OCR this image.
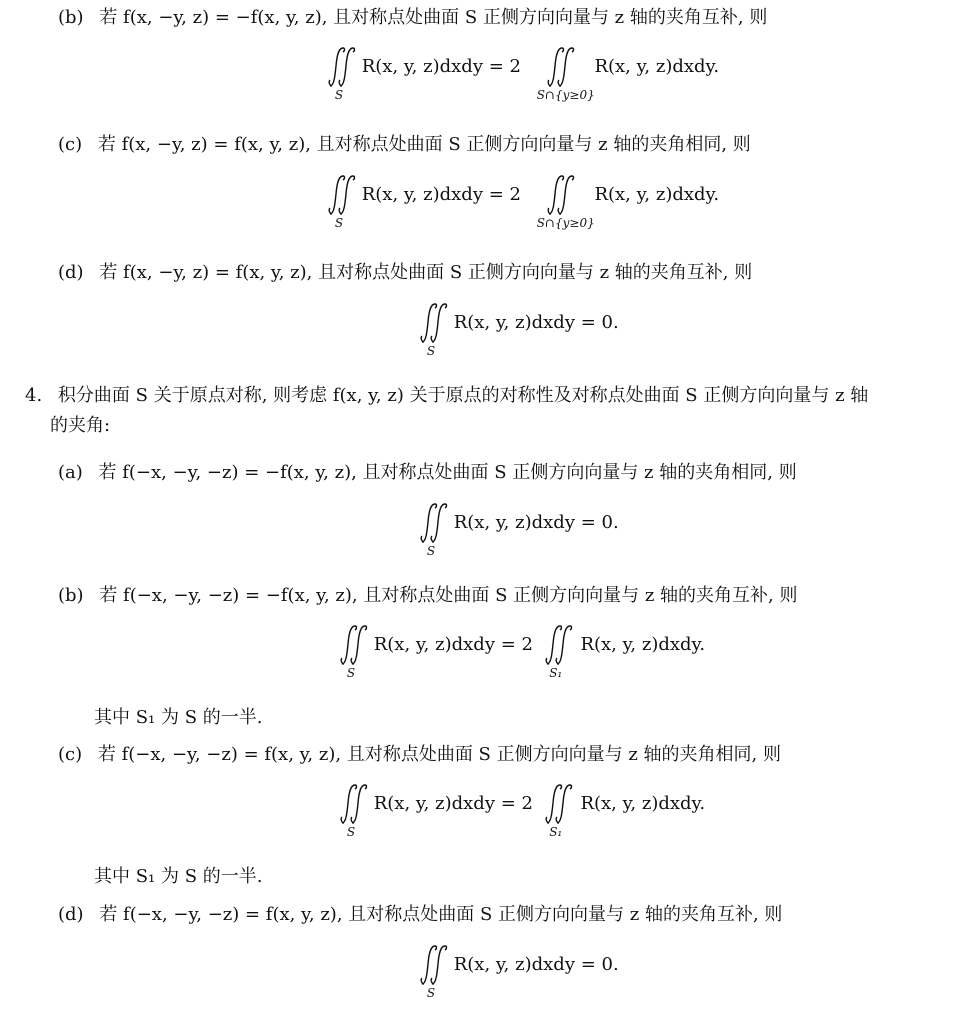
(b) 若 f(x, −y, z) = −f(x, y, z), 且对称点处曲面 S 正侧方向向量与 z 轴的夹角互补, 则
S
R(x, y, z)dxdy = 2
S∩{y≥0}
R(x, y, z)dxdy.
(c) 若 f(x, −y, z) = f(x, y, z), 且对称点处曲面 S 正侧方向向量与 z 轴的夹角相同, 则
S
R(x, y, z)dxdy = 2
S∩{y≥0}
R(x, y, z)dxdy.
(d) 若 f(x, −y, z) = f(x, y, z), 且对称点处曲面 S 正侧方向向量与 z 轴的夹角互补, 则
S
R(x, y, z)dxdy = 0.
4. 积分曲面 S 关于原点对称, 则考虑 f(x, y, z) 关于原点的对称性及对称点处曲面 S 正侧方向向量与 z 轴
的夹角:
(a) 若 f(−x, −y, −z) = −f(x, y, z), 且对称点处曲面 S 正侧方向向量与 z 轴的夹角相同, 则
S
R(x, y, z)dxdy = 0.
(b) 若 f(−x, −y, −z) = −f(x, y, z), 且对称点处曲面 S 正侧方向向量与 z 轴的夹角互补, 则
S
R(x, y, z)dxdy = 2
S₁
R(x, y, z)dxdy.
其中 S₁ 为 S 的一半.
(c) 若 f(−x, −y, −z) = f(x, y, z), 且对称点处曲面 S 正侧方向向量与 z 轴的夹角相同, 则
S
R(x, y, z)dxdy = 2
S₁
R(x, y, z)dxdy.
其中 S₁ 为 S 的一半.
(d) 若 f(−x, −y, −z) = f(x, y, z), 且对称点处曲面 S 正侧方向向量与 z 轴的夹角互补, 则
S
R(x, y, z)dxdy = 0.
